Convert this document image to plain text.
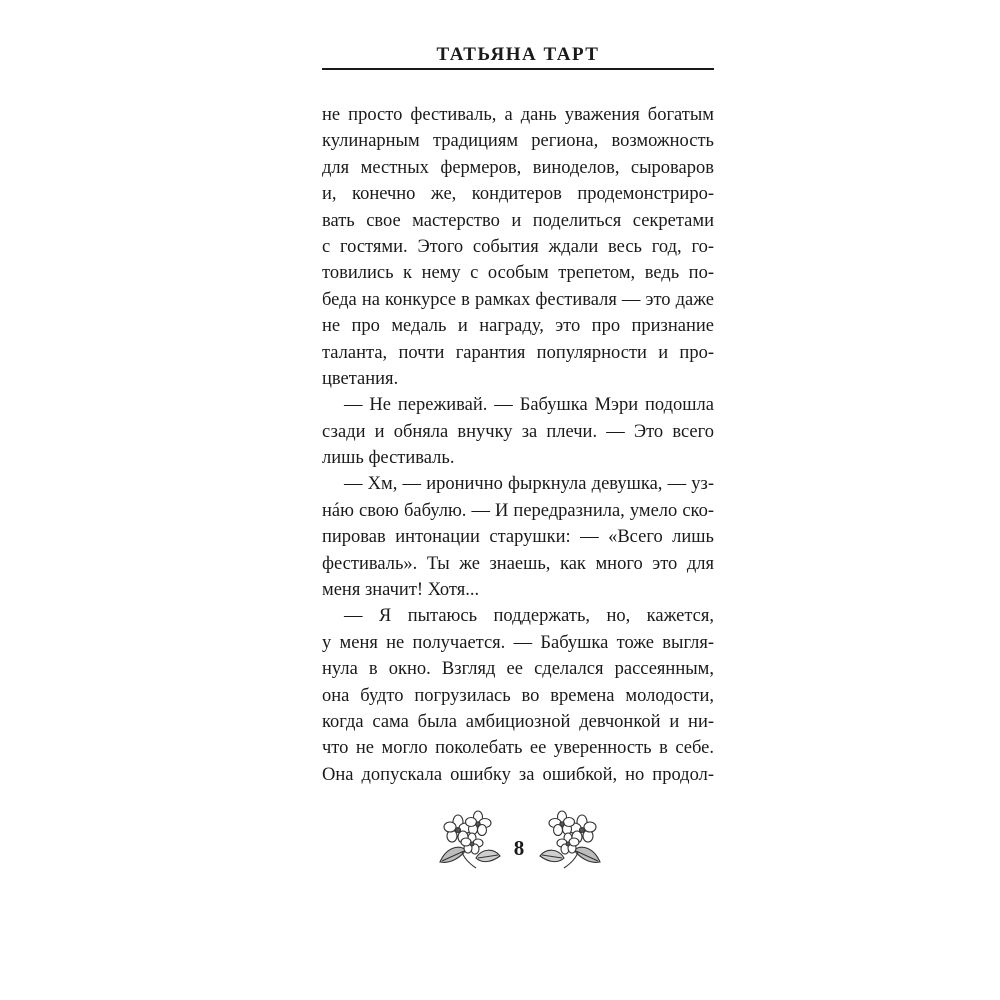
ТАТЬЯНА ТАРТ
не просто фестиваль, а дань уважения богатым
кулинарным традициям региона, возможность
для местных фермеров, виноделов, сыроваров
и, конечно же, кондитеров продемонстриро-
вать свое мастерство и поделиться секретами
с гостями. Этого события ждали весь год, го-
товились к нему с особым трепетом, ведь по-
беда на конкурсе в рамках фестиваля — это даже
не про медаль и награду, это про признание
таланта, почти гарантия популярности и про-
цветания.
— Не переживай. — Бабушка Мэри подошла
сзади и обняла внучку за плечи. — Это всего
лишь фестиваль.
— Хм, — иронично фыркнула девушка, — уз-
нáю свою бабулю. — И передразнила, умело ско-
пировав интонации старушки: — «Всего лишь
фестиваль». Ты же знаешь, как много это для
меня значит! Хотя...
— Я пытаюсь поддержать, но, кажется,
у меня не получается. — Бабушка тоже выгля-
нула в окно. Взгляд ее сделался рассеянным,
она будто погрузилась во времена молодости,
когда сама была амбициозной девчонкой и ни-
что не могло поколебать ее уверенность в себе.
Она допускала ошибку за ошибкой, но продол-
8
